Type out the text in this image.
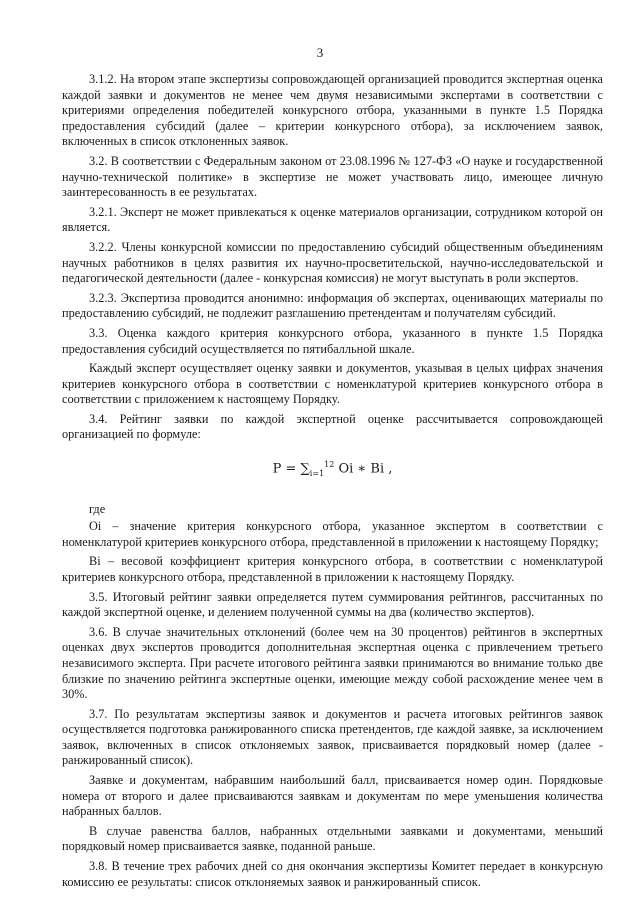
3

3.1.2. На втором этапе экспертизы сопровождающей организацией проводится экспертная оценка каждой заявки и документов не менее чем двумя независимыми экспертами в соответствии с критериями определения победителей конкурсного отбора, указанными в пункте 1.5 Порядка предоставления субсидий (далее – критерии конкурсного отбора), за исключением заявок, включенных в список отклоненных заявок.

3.2. В соответствии с Федеральным законом от 23.08.1996 № 127-ФЗ «О науке и государственной научно-технической политике» в экспертизе не может участвовать лицо, имеющее личную заинтересованность в ее результатах.

3.2.1. Эксперт не может привлекаться к оценке материалов организации, сотрудником которой он является.

3.2.2. Члены конкурсной комиссии по предоставлению субсидий общественным объединениям научных работников в целях развития их научно-просветительской, научно-исследовательской и педагогической деятельности (далее - конкурсная комиссия) не могут выступать в роли экспертов.

3.2.3. Экспертиза проводится анонимно: информация об экспертах, оценивающих материалы по предоставлению субсидий, не подлежит разглашению претендентам и получателям субсидий.

3.3. Оценка каждого критерия конкурсного отбора, указанного в пункте 1.5 Порядка предоставления субсидий осуществляется по пятибалльной шкале.

Каждый эксперт осуществляет оценку заявки и документов, указывая в целых цифрах значения критериев конкурсного отбора в соответствии с номенклатурой критериев конкурсного отбора в соответствии с приложением к настоящему Порядку.

3.4. Рейтинг заявки по каждой экспертной оценке рассчитывается сопровождающей организацией по формуле:

$P = \sum_{i=1}^{12}$ Oi ∗ Bi ,

где

Oi – значение критерия конкурсного отбора, указанное экспертом в соответствии с номенклатурой критериев конкурсного отбора, представленной в приложении к настоящему Порядку;

Bi – весовой коэффициент критерия конкурсного отбора, в соответствии с номенклатурой критериев конкурсного отбора, представленной в приложении к настоящему Порядку.

3.5. Итоговый рейтинг заявки определяется путем суммирования рейтингов, рассчитанных по каждой экспертной оценке, и делением полученной суммы на два (количество экспертов).

3.6. В случае значительных отклонений (более чем на 30 процентов) рейтингов в экспертных оценках двух экспертов проводится дополнительная экспертная оценка с привлечением третьего независимого эксперта. При расчете итогового рейтинга заявки принимаются во внимание только две близкие по значению рейтинга экспертные оценки, имеющие между собой расхождение менее чем в 30%.

3.7. По результатам экспертизы заявок и документов и расчета итоговых рейтингов заявок осуществляется подготовка ранжированного списка претендентов, где каждой заявке, за исключением заявок, включенных в список отклоняемых заявок, присваивается порядковый номер (далее - ранжированный список).

Заявке и документам, набравшим наибольший балл, присваивается номер один. Порядковые номера от второго и далее присваиваются заявкам и документам по мере уменьшения количества набранных баллов.

В случае равенства баллов, набранных отдельными заявками и документами, меньший порядковый номер присваивается заявке, поданной раньше.

3.8. В течение трех рабочих дней со дня окончания экспертизы Комитет передает в конкурсную комиссию ее результаты: список отклоняемых заявок и ранжированный список.
